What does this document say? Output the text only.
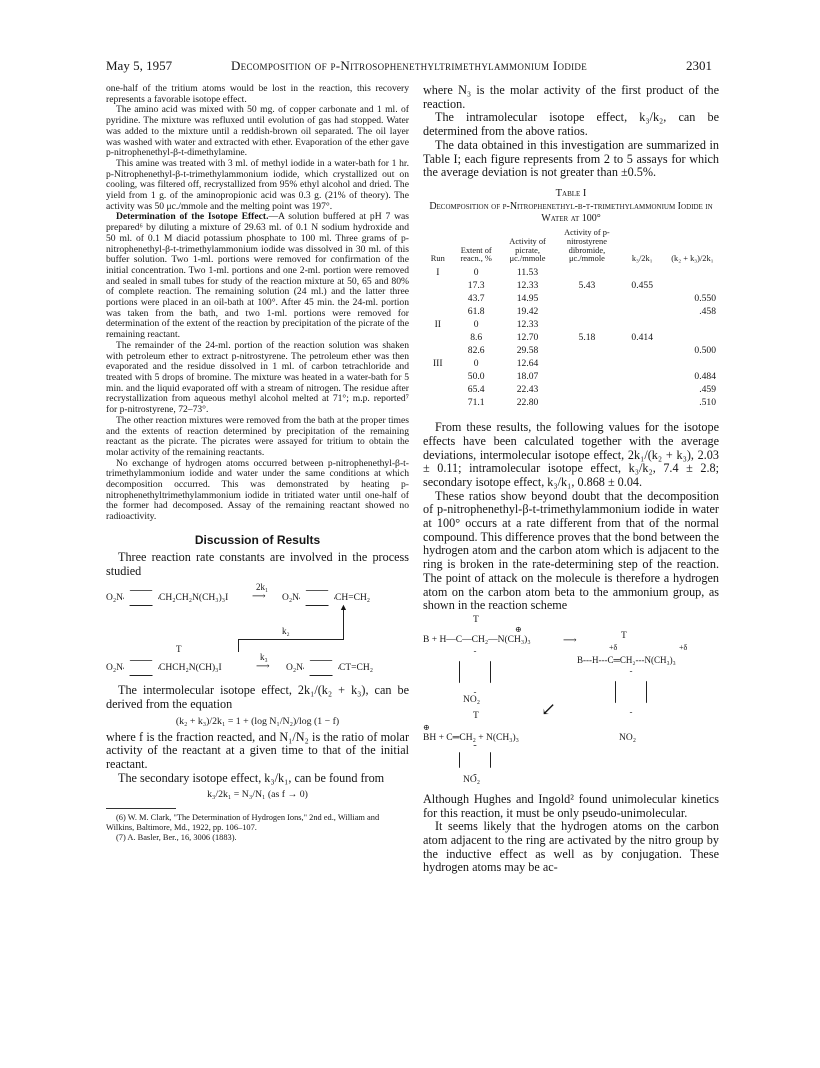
May 5, 1957	Decomposition of p-Nitrosophenethyltrimethylammonium Iodide	2301

one-half of the tritium atoms would be lost in the reaction, this recovery represents a favorable isotope effect.

The amino acid was mixed with 50 mg. of copper carbonate and 1 ml. of pyridine. The mixture was refluxed until evolution of gas had stopped. Water was added to the mixture until a reddish-brown oil separated. The oil layer was washed with water and extracted with ether. Evaporation of the ether gave p-nitrophenethyl-β-t-dimethylamine.

This amine was treated with 3 ml. of methyl iodide in a water-bath for 1 hr. p-Nitrophenethyl-β-t-trimethylammonium iodide, which crystallized out on cooling, was filtered off, recrystallized from 95% ethyl alcohol and dried. The yield from 1 g. of the aminopropionic acid was 0.3 g. (21% of theory). The activity was 50 μc./mmole and the melting point was 197°.

Determination of the Isotope Effect.—A solution buffered at pH 7 was prepared⁶ by diluting a mixture of 29.63 ml. of 0.1 N sodium hydroxide and 50 ml. of 0.1 M diacid potassium phosphate to 100 ml. Three grams of p-nitrophenethyl-β-t-trimethylammonium iodide was dissolved in 30 ml. of this buffer solution. Two 1-ml. portions were removed for confirmation of the initial concentration. Two 1-ml. portions and one 2-ml. portion were removed and sealed in small tubes for study of the reaction mixture at 50, 65 and 80% of complete reaction. The remaining solution (24 ml.) and the latter three portions were placed in an oil-bath at 100°. After 45 min. the 24-ml. portion was taken from the bath, and two 1-ml. portions were removed for determination of the extent of the reaction by precipitation of the picrate of the remaining reactant.

The remainder of the 24-ml. portion of the reaction solution was shaken with petroleum ether to extract p-nitrostyrene. The petroleum ether was then evaporated and the residue dissolved in 1 ml. of carbon tetrachloride and treated with 5 drops of bromine. The mixture was heated in a water-bath for 5 min. and the liquid evaporated off with a stream of nitrogen. The residue after recrystallization from aqueous methyl alcohol melted at 71°; m.p. reported⁷ for p-nitrostyrene, 72–73°.

The other reaction mixtures were removed from the bath at the proper times and the extents of reaction determined by precipitation of the remaining reactant as the picrate. The picrates were assayed for tritium to obtain the molar activity of the remaining reactants.

No exchange of hydrogen atoms occurred between p-nitrophenethyl-β-t-trimethylammonium iodide and water under the same conditions at which decomposition occurred. This was demonstrated by heating p-nitrophenethyltrimethylammonium iodide in tritiated water until one-half of the former had decomposed. Assay of the remaining reactant showed no radioactivity.

Discussion of Results

Three reaction rate constants are involved in the process studied

O₂N	CH₂CH₂N(CH₃)₃I
2k₁
⟶ O₂N	CH=CH₂
▲
k₂
T
O₂N	CHCH₂N(CH)₃I
k₃
⟶ O₂N	CT=CH₂

The intermolecular isotope effect, 2k₁/(k₂ + k₃), can be derived from the equation

(k₂ + k₃)/2k₁ = 1 + (log N₁/N₂)/log (1 − f)

where f is the fraction reacted, and N₁/N₂ is the ratio of molar activity of the reactant at a given time to that of the initial reactant.

The secondary isotope effect, k₃/k₁, can be found from

k₃/2k₁ = N₃/N₁ (as f → 0)

(6) W. M. Clark, "The Determination of Hydrogen Ions," 2nd ed., William and Wilkins, Baltimore, Md., 1922, pp. 106–107.

(7) A. Basler, Ber., 16, 3006 (1883).

where N₃ is the molar activity of the first product of the reaction.

The intramolecular isotope effect, k₃/k₂, can be determined from the above ratios.

The data obtained in this investigation are summarized in Table I; each figure represents from 2 to 5 assays for which the average deviation is not greater than ±0.5%.

Table I

Decomposition of p-Nitrophenethyl-β-t-trimethylammonium Iodide in Water at 100°

Run	Extent of reacn., %	Activity of picrate, μc./mmole	Activity of p-nitrostyrene dibromide, μc./mmole	k₃/2k₁	(k₂ + k₃)/2k₁
I	0	11.53			
	17.3	12.33	5.43	0.455	
	43.7	14.95			0.550
	61.8	19.42			.458
II	0	12.33			
	8.6	12.70	5.18	0.414	
	82.6	29.58			0.500
III	0	12.64			
	50.0	18.07			0.484
	65.4	22.43			.459
	71.1	22.80			.510

From these results, the following values for the isotope effects have been calculated together with the average deviations, intermolecular isotope effect, 2k₁/(k₂ + k₃), 2.03 ± 0.11; intramolecular isotope effect, k₃/k₂, 7.4 ± 2.8; secondary isotope effect, k₃/k₁, 0.868 ± 0.04.

These ratios show beyond doubt that the decomposition of p-nitrophenethyl-β-t-trimethylammonium iodide in water at 100° occurs at a rate different from that of the normal compound. This difference proves that the bond between the hydrogen atom and the carbon atom which is adjacent to the ring is broken in the rate-determining step of the reaction. The point of attack on the molecule is therefore a hydrogen atom on the carbon atom beta to the ammonium group, as shown in the reaction scheme

T
⊕
B + H—C—CH₂—N(CH₃)₃	⟶
NO₂
T
+δ	+δ
B---H---C═CH₂---N(CH₃)₃
NO₂
↙
T
⊕
BH + C═CH₂ + N(CH₃)₃
NO₂

Although Hughes and Ingold² found unimolecular kinetics for this reaction, it must be only pseudo-unimolecular.

It seems likely that the hydrogen atoms on the carbon atom adjacent to the ring are activated by the nitro group by the inductive effect as well as by conjugation. These hydrogen atoms may be ac-
